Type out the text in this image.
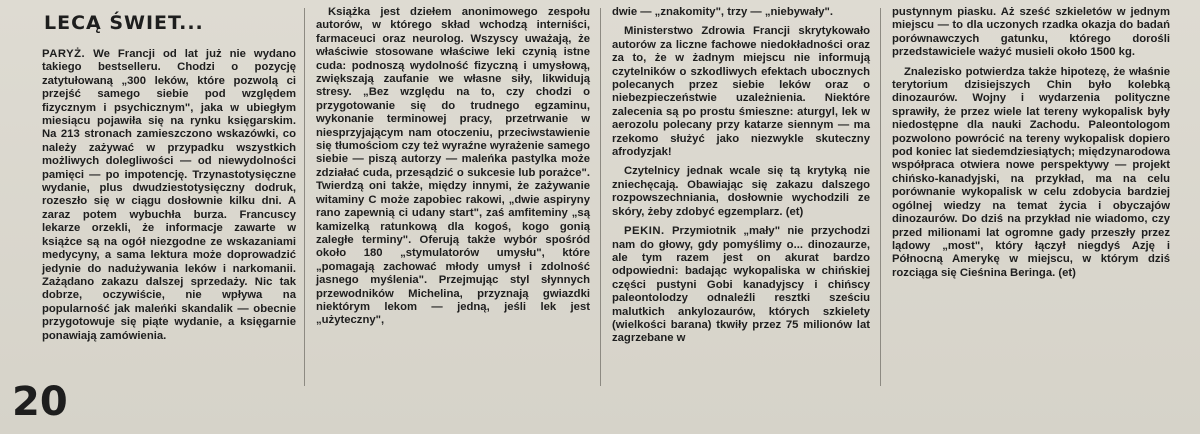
LECĄ ŚWIET...

PARYŻ. We Francji od lat już nie wydano takiego bestselleru. Chodzi o pozycję zatytułowaną „300 leków, które pozwolą ci przejść samego siebie pod względem fizycznym i psychicznym", jaka w ubiegłym miesiącu pojawiła się na rynku księgarskim. Na 213 stronach zamieszczono wskazówki, co należy zażywać w przypadku wszystkich możliwych dolegliwości — od niewydolności pamięci — po impotencję. Trzynastotysięczne wydanie, plus dwudziestotysięczny dodruk, rozeszło się w ciągu dosłownie kilku dni. A zaraz potem wybuchła burza. Francuscy lekarze orzekli, że informacje zawarte w książce są na ogół niezgodne ze wskazaniami medycyny, a sama lektura może doprowadzić jedynie do nadużywania leków i narkomanii. Zażądano zakazu dalszej sprzedaży. Nic tak dobrze, oczywiście, nie wpływa na popularność jak maleńki skandalik — obecnie przygotowuje się piąte wydanie, a księgarnie ponawiają zamówienia.

Książka jest dziełem anonimowego zespołu autorów, w którego skład wchodzą interniści, farmaceuci oraz neurolog. Wszyscy uważają, że właściwie stosowane właściwe leki czynią istne cuda: podnoszą wydolność fizyczną i umysłową, zwiększają zaufanie we własne siły, likwidują stresy. „Bez względu na to, czy chodzi o przygotowanie się do trudnego egzaminu, wykonanie terminowej pracy, przetrwanie w niesprzyjającym nam otoczeniu, przeciwstawienie się tłumościom czy też wyraźne wyrażenie samego siebie — piszą autorzy — maleńka pastylka może zdziałać cuda, przesądzić o sukcesie lub porażce". Twierdzą oni także, między innymi, że zażywanie witaminy C może zapobiec rakowi, „dwie aspiryny rano zapewnią ci udany start", zaś amfiteminy „są kamizelką ratunkową dla kogoś, kogo gonią zaległe terminy". Oferują także wybór spośród około 180 „stymulatorów umysłu", które „pomagają zachować młody umysł i zdolność jasnego myślenia". Przejmując styl słynnych przewodników Michelina, przyznają gwiazdki niektórym lekom — jedną, jeśli lek jest „użyteczny",

dwie — „znakomity", trzy — „niebywały".

Ministerstwo Zdrowia Francji skrytykowało autorów za liczne fachowe niedokładności oraz za to, że w żadnym miejscu nie informują czytelników o szkodliwych efektach ubocznych polecanych przez siebie leków oraz o niebezpieczeństwie uzależnienia. Niektóre zalecenia są po prostu śmieszne: aturgyl, lek w aerozolu polecany przy katarze siennym — ma rzekomo służyć jako niezwykle skuteczny afrodyzjak!

Czytelnicy jednak wcale się tą krytyką nie zniechęcają. Obawiając się zakazu dalszego rozpowszechniania, dosłownie wychodzili ze skóry, żeby zdobyć egzemplarz. (et)

PEKIN. Przymiotnik „mały" nie przychodzi nam do głowy, gdy pomyślimy o... dinozaurze, ale tym razem jest on akurat bardzo odpowiedni: badając wykopaliska w chińskiej części pustyni Gobi kanadyjscy i chińscy paleontolodzy odnaleźli resztki sześciu malutkich ankylozaurów, których szkielety (wielkości barana) tkwiły przez 75 milionów lat zagrzebane w

pustynnym piasku. Aż sześć szkieletów w jednym miejscu — to dla uczonych rzadka okazja do badań porównawczych gatunku, którego dorośli przedstawiciele ważyć musieli około 1500 kg.

Znalezisko potwierdza także hipotezę, że właśnie terytorium dzisiejszych Chin było kolebką dinozaurów. Wojny i wydarzenia polityczne sprawiły, że przez wiele lat tereny wykopalisk były niedostępne dla nauki Zachodu. Paleontologom pozwolono powrócić na tereny wykopalisk dopiero pod koniec lat siedemdziesiątych; międzynarodowa współpraca otwiera nowe perspektywy — projekt chińsko-kanadyjski, na przykład, ma na celu porównanie wykopalisk w celu zdobycia bardziej ogólnej wiedzy na temat życia i obyczajów dinozaurów. Do dziś na przykład nie wiadomo, czy przed milionami lat ogromne gady przeszły przez lądowy „most", który łączył niegdyś Azję i Północną Amerykę w miejscu, w którym dziś rozciąga się Cieśnina Beringa. (et)

20
